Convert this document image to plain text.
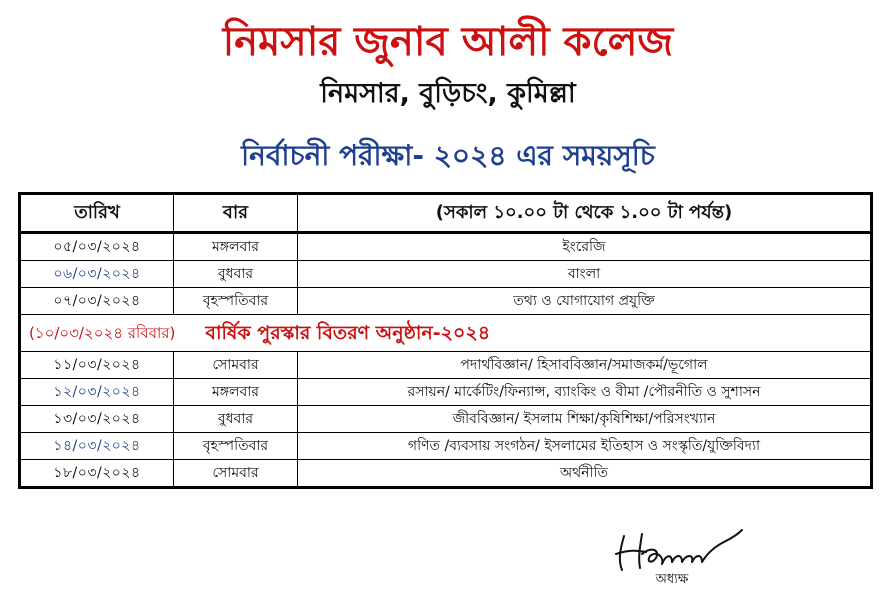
নিমসার জুনাব আলী কলেজ
নিমসার, বুড়িচং, কুমিল্লা
নির্বাচনী পরীক্ষা- ২০২৪ এর সময়সূচি
তারিখ	বার	(সকাল ১০.০০ টা থেকে ১.০০ টা পর্যন্ত)
০৫/০৩/২০২৪	মঙ্গলবার	ইংরেজি
০৬/০৩/২০২৪	বুধবার	বাংলা
০৭/০৩/২০২৪	বৃহস্পতিবার	তথ্য ও যোগাযোগ প্রযুক্তি

(১০/০৩/২০২৪ রবিবার) বার্ষিক পুরস্কার বিতরণ অনুষ্ঠান-২০২৪		
১১/০৩/২০২৪	সোমবার	পদার্থবিজ্ঞান/ হিসাববিজ্ঞান/সমাজকর্ম/ভূগোল
১২/০৩/২০২৪	মঙ্গলবার	রসায়ন/ মার্কেটিং/ফিন্যান্স, ব্যাংকিং ও বীমা /পৌরনীতি ও সুশাসন
১৩/০৩/২০২৪	বুধবার	জীববিজ্ঞান/ ইসলাম শিক্ষা/কৃষিশিক্ষা/পরিসংখ্যান
১৪/০৩/২০২৪	বৃহস্পতিবার	গণিত /ব্যবসায় সংগঠন/ ইসলামের ইতিহাস ও সংস্কৃতি/যুক্তিবিদ্যা
১৮/০৩/২০২৪	সোমবার	অর্থনীতি
অধ্যক্ষ
